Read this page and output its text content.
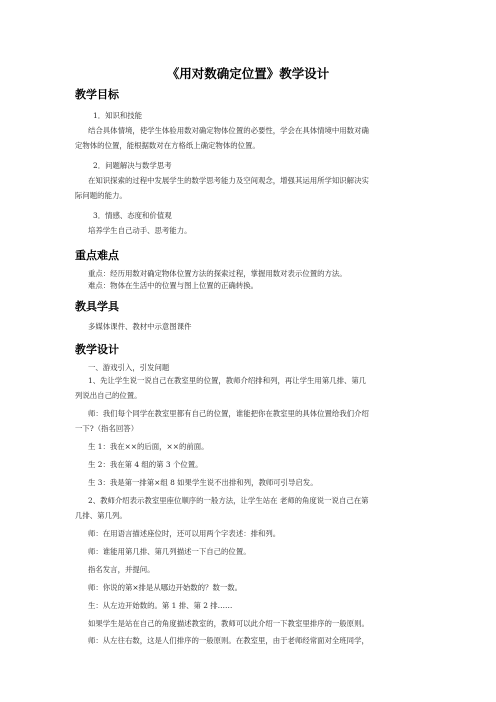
《用对数确定位置》教学设计
教学目标
1．知识和技能
结合具体情境，使学生体验用数对确定物体位置的必要性，学会在具体情境中用数对确
定物体的位置，能根据数对在方格纸上确定物体的位置。
2．问题解决与数学思考
在知识探索的过程中发展学生的数学思考能力及空间观念，增强其运用所学知识解决实
际问题的能力。
3．情感、态度和价值观
培养学生自己动手、思考能力。
重点难点
重点：经历用数对确定物体位置方法的探索过程，掌握用数对表示位置的方法。
难点：物体在生活中的位置与图上位置的正确转换。
教具学具
多媒体课件、教材中示意图课件
教学设计
一、游戏引入，引发问题
1、先让学生说一说自己在教室里的位置，教师介绍排和列，再让学生用第几排、第几
列说出自己的位置。
师：我们每个同学在教室里都有自己的位置，谁能把你在教室里的具体位置给我们介绍
一下?（指名回答）
生 1：我在××的后面，××的前面。
生 2：我在第 4 组的第 3 个位置。
生 3：我是第一排第×组 8 如果学生说不出排和列，教师可引导启发。
2、教师介绍表示教室里座位顺序的一般方法，让学生站在 老师的角度说一说自己在第
几排、第几列。
师：在用语言描述座位时，还可以用两个字表述：排和列。
师：谁能用第几排、第几列描述一下自己的位置。
指名发言，并提问。
师：你说的第×排是从哪边开始数的？数一数。
生：从左边开始数的。第 1 排、第 2 排……
如果学生是站在自己的角度描述教室的，教师可以此介绍一下教室里排序的一般原则。
师：从左往右数，这是人们排序的一般原则。在教室里，由于老师经常面对全班同学，
